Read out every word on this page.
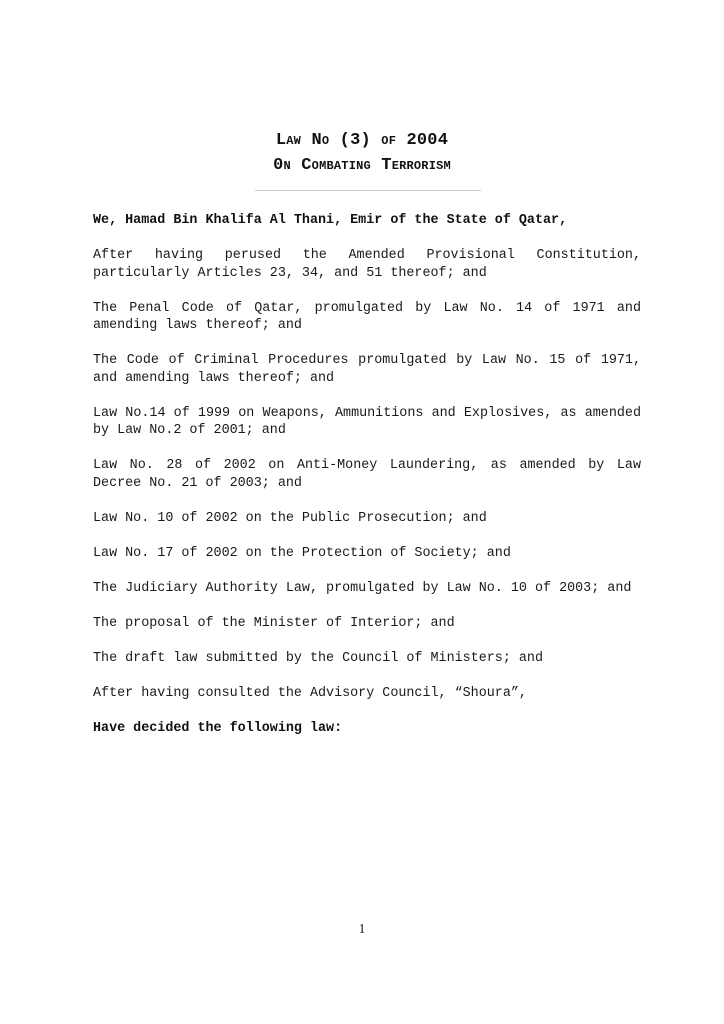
Law No (3) of 2004
0n Combating Terrorism

We, Hamad Bin Khalifa Al Thani, Emir of the State of Qatar,

After having perused the Amended Provisional Constitution, particularly Articles 23, 34, and 51 thereof; and

The Penal Code of Qatar, promulgated by Law No. 14 of 1971 and amending laws thereof; and

The Code of Criminal Procedures promulgated by Law No. 15 of 1971, and amending laws thereof; and

Law No.14 of 1999 on Weapons, Ammunitions and Explosives, as amended by Law No.2 of 2001; and

Law No. 28 of 2002 on Anti-Money Laundering, as amended by Law Decree No. 21 of 2003; and

Law No. 10 of 2002 on the Public Prosecution; and

Law No. 17 of 2002 on the Protection of Society; and

The Judiciary Authority Law, promulgated by Law No. 10 of 2003; and

The proposal of the Minister of Interior; and

The draft law submitted by the Council of Ministers; and

After having consulted the Advisory Council, “Shoura”,

Have decided the following law:

1
